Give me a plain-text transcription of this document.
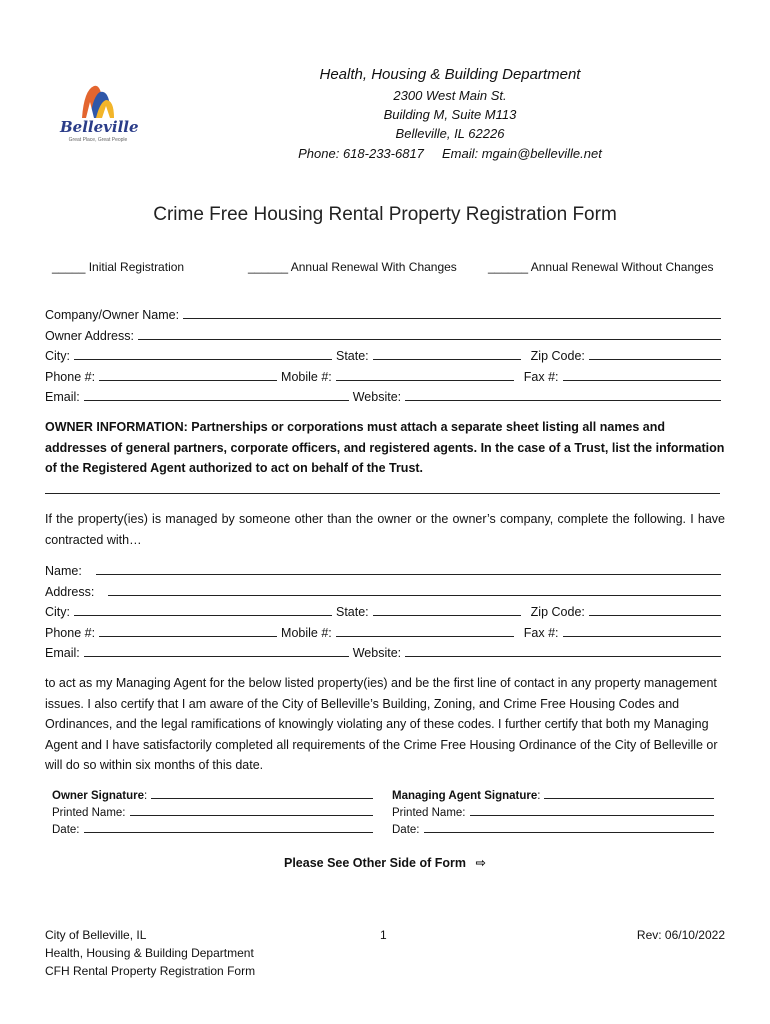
Belleville
Great Place, Great People
Health, Housing & Building Department
2300 West Main St.
Building M, Suite M113
Belleville, IL 62226
Phone: 618-233-6817     Email: mgain@belleville.net
Crime Free Housing Rental Property Registration Form
_____ Initial Registration	______ Annual Renewal With Changes	______ Annual Renewal Without Changes
Company/Owner Name:
Owner Address:
City:	State:	Zip Code:
Phone #:	Mobile #:	Fax #:
Email:	Website:
OWNER INFORMATION: Partnerships or corporations must attach a separate sheet listing all names and addresses of general partners, corporate officers, and registered agents. In the case of a Trust, list the information of the Registered Agent authorized to act on behalf of the Trust.
If the property(ies) is managed by someone other than the owner or the owner’s company, complete the following. I have contracted with…
Name:
Address:
City:	State:	Zip Code:
Phone #:	Mobile #:	Fax #:
Email:	Website:
to act as my Managing Agent for the below listed property(ies) and be the first line of contact in any property management issues. I also certify that I am aware of the City of Belleville’s Building, Zoning, and Crime Free Housing Codes and Ordinances, and the legal ramifications of knowingly violating any of these codes. I further certify that both my Managing Agent and I have satisfactorily completed all requirements of the Crime Free Housing Ordinance of the City of Belleville or will do so within six months of this date.
Owner Signature :
Printed Name:
Date:
Managing Agent Signature :
Printed Name:
Date:
Please See Other Side of Form ⇨
City of Belleville, IL
Health, Housing & Building Department
CFH Rental Property Registration Form
1	Rev: 06/10/2022
